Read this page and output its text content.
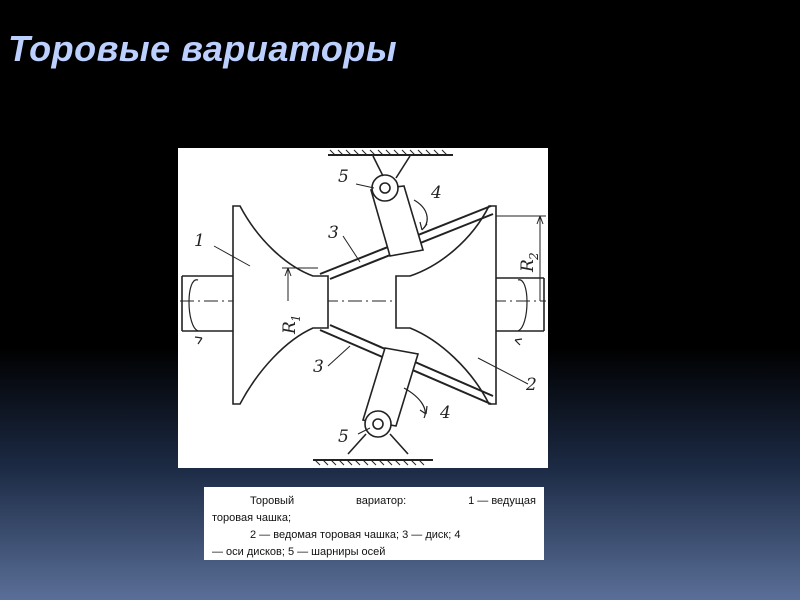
Торовые вариаторы
1
2
3
3
4
4
5
5
R
1
R
2
Торовый	вариатор:	1 — ведущая
торовая чашка;
2 — ведомая торовая чашка; 3 — диск; 4
— оси дисков; 5 — шарниры осей
